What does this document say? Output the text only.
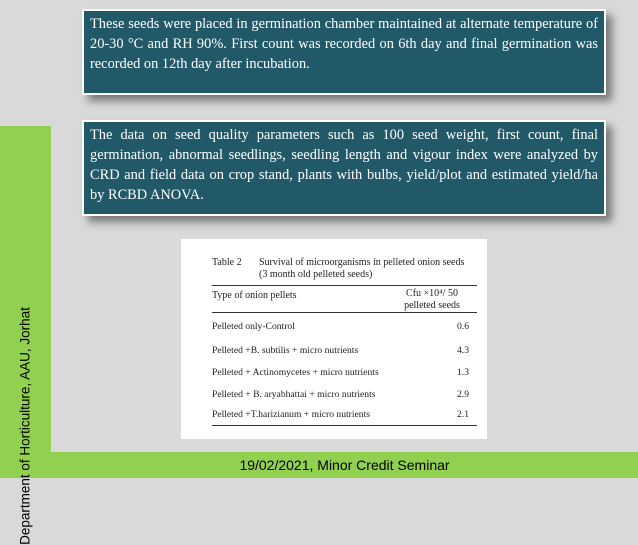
Department of Horticulture, AAU, Jorhat
These seeds were placed in germination chamber maintained at alternate temperature of 20-30 °C and RH 90%. First count was recorded on 6th day and final germination was recorded on 12th day after incubation.
The data on seed quality parameters such as 100 seed weight, first count, final germination, abnormal seedlings, seedling length and vigour index were analyzed by CRD and field data on crop stand, plants with bulbs, yield/plot and estimated yield/ha by RCBD ANOVA.
Table 2 Survival of microorganisms in pelleted onion seeds
(3 month old pelleted seeds)
Type of onion pellets	Cfu ×10⁴/ 50
pelleted seeds
Pelleted only-Control	0.6
Pelleted +B. subtilis + micro nutrients	4.3
Pelleted + Actinomycetes + micro nutrients	1.3
Pelleted + B. aryabhattai + micro nutrients	2.9
Pelleted +T.harizianum + micro nutrients	2.1
19/02/2021, Minor Credit Seminar
